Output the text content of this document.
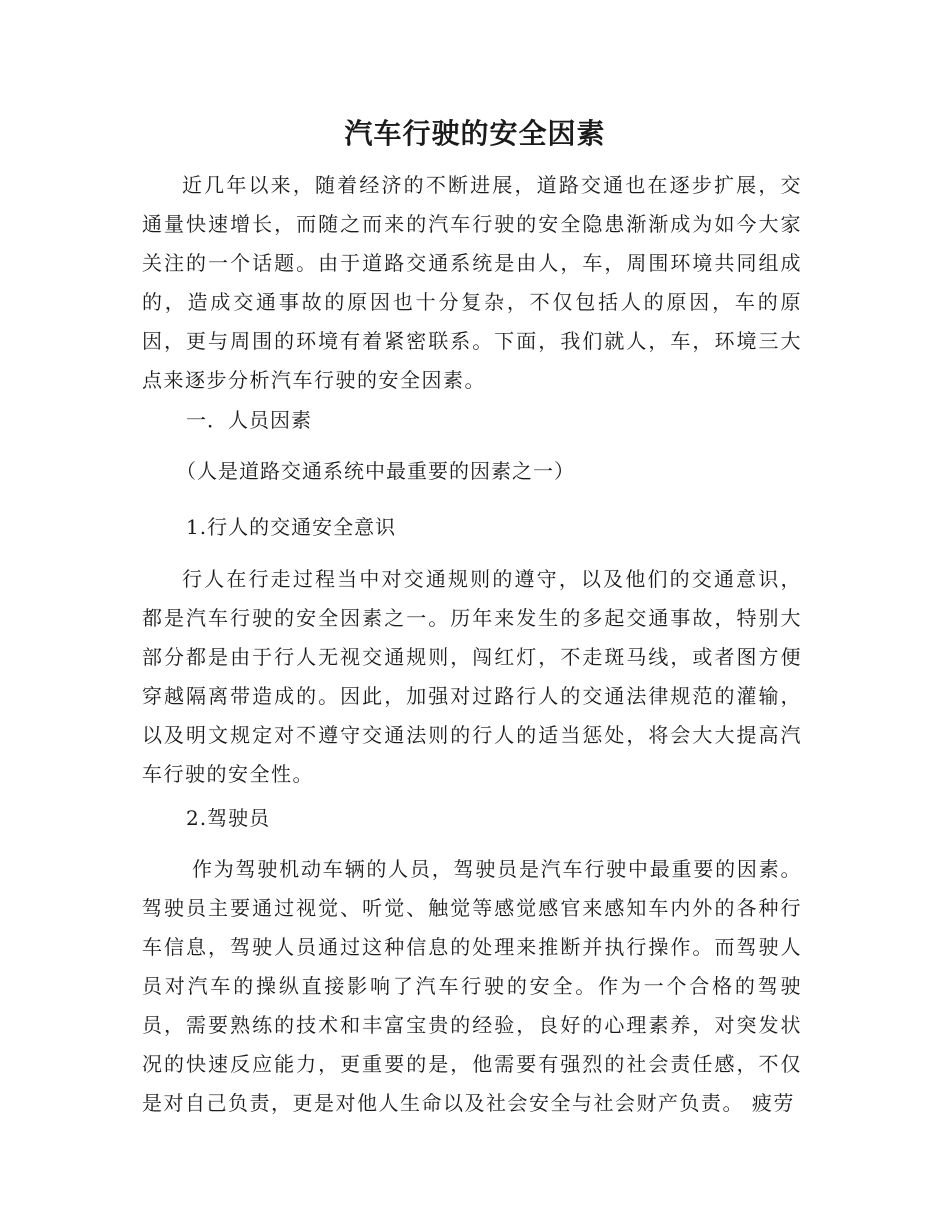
汽车行驶的安全因素

近几年以来，随着经济的不断进展，道路交通也在逐步扩展，交通量快速增长，而随之而来的汽车行驶的安全隐患渐渐成为如今大家关注的一个话题。由于道路交通系统是由人，车，周围环境共同组成的，造成交通事故的原因也十分复杂，不仅包括人的原因，车的原因，更与周围的环境有着紧密联系。下面，我们就人，车，环境三大点来逐步分析汽车行驶的安全因素。

一．人员因素
（人是道路交通系统中最重要的因素之一）
1.行人的交通安全意识

行人在行走过程当中对交通规则的遵守，以及他们的交通意识，都是汽车行驶的安全因素之一。历年来发生的多起交通事故，特别大部分都是由于行人无视交通规则，闯红灯，不走斑马线，或者图方便穿越隔离带造成的。因此，加强对过路行人的交通法律规范的灌输，以及明文规定对不遵守交通法则的行人的适当惩处，将会大大提高汽车行驶的安全性。

2.驾驶员

作为驾驶机动车辆的人员，驾驶员是汽车行驶中最重要的因素。驾驶员主要通过视觉、听觉、触觉等感觉感官来感知车内外的各种行车信息，驾驶人员通过这种信息的处理来推断并执行操作。而驾驶人员对汽车的操纵直接影响了汽车行驶的安全。作为一个合格的驾驶员，需要熟练的技术和丰富宝贵的经验，良好的心理素养，对突发状况的快速反应能力，更重要的是，他需要有强烈的社会责任感，不仅是对自己负责，更是对他人生命以及社会安全与社会财产负责。 疲劳
